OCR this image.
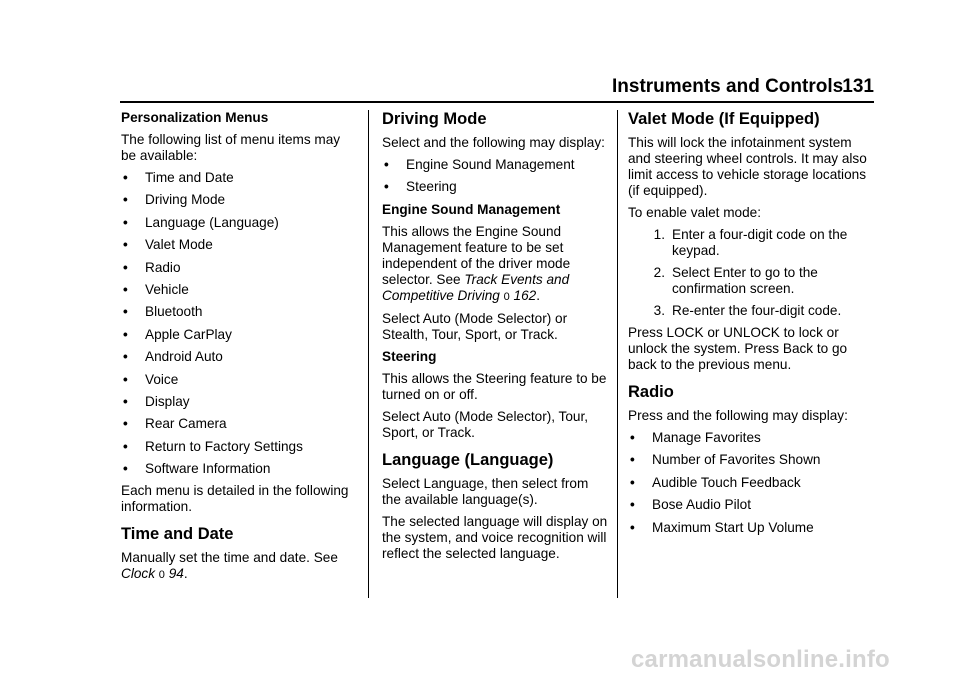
Instruments and Controls 131

Personalization Menus

The following list of menu items may be available:

•	Time and Date
•	Driving Mode
•	Language (Language)
•	Valet Mode
•	Radio
•	Vehicle
•	Bluetooth
•	Apple CarPlay
•	Android Auto
•	Voice
•	Display
•	Rear Camera
•	Return to Factory Settings
•	Software Information

Each menu is detailed in the following information.

Time and Date

Manually set the time and date. See Clock 0 94.

Driving Mode

Select and the following may display:

•	Engine Sound Management
•	Steering

Engine Sound Management

This allows the Engine Sound Management feature to be set independent of the driver mode selector. See Track Events and Competitive Driving 0 162.

Select Auto (Mode Selector) or Stealth, Tour, Sport, or Track.

Steering

This allows the Steering feature to be turned on or off.

Select Auto (Mode Selector), Tour, Sport, or Track.

Language (Language)

Select Language, then select from the available language(s).

The selected language will display on the system, and voice recognition will reflect the selected language.

Valet Mode (If Equipped)

This will lock the infotainment system and steering wheel controls. It may also limit access to vehicle storage locations (if equipped).

To enable valet mode:

1. Enter a four-digit code on the keypad.
2. Select Enter to go to the confirmation screen.
3. Re-enter the four-digit code.

Press LOCK or UNLOCK to lock or unlock the system. Press Back to go back to the previous menu.

Radio

Press and the following may display:

•	Manage Favorites
•	Number of Favorites Shown
•	Audible Touch Feedback
•	Bose Audio Pilot
•	Maximum Start Up Volume
carmanualsonline.info
